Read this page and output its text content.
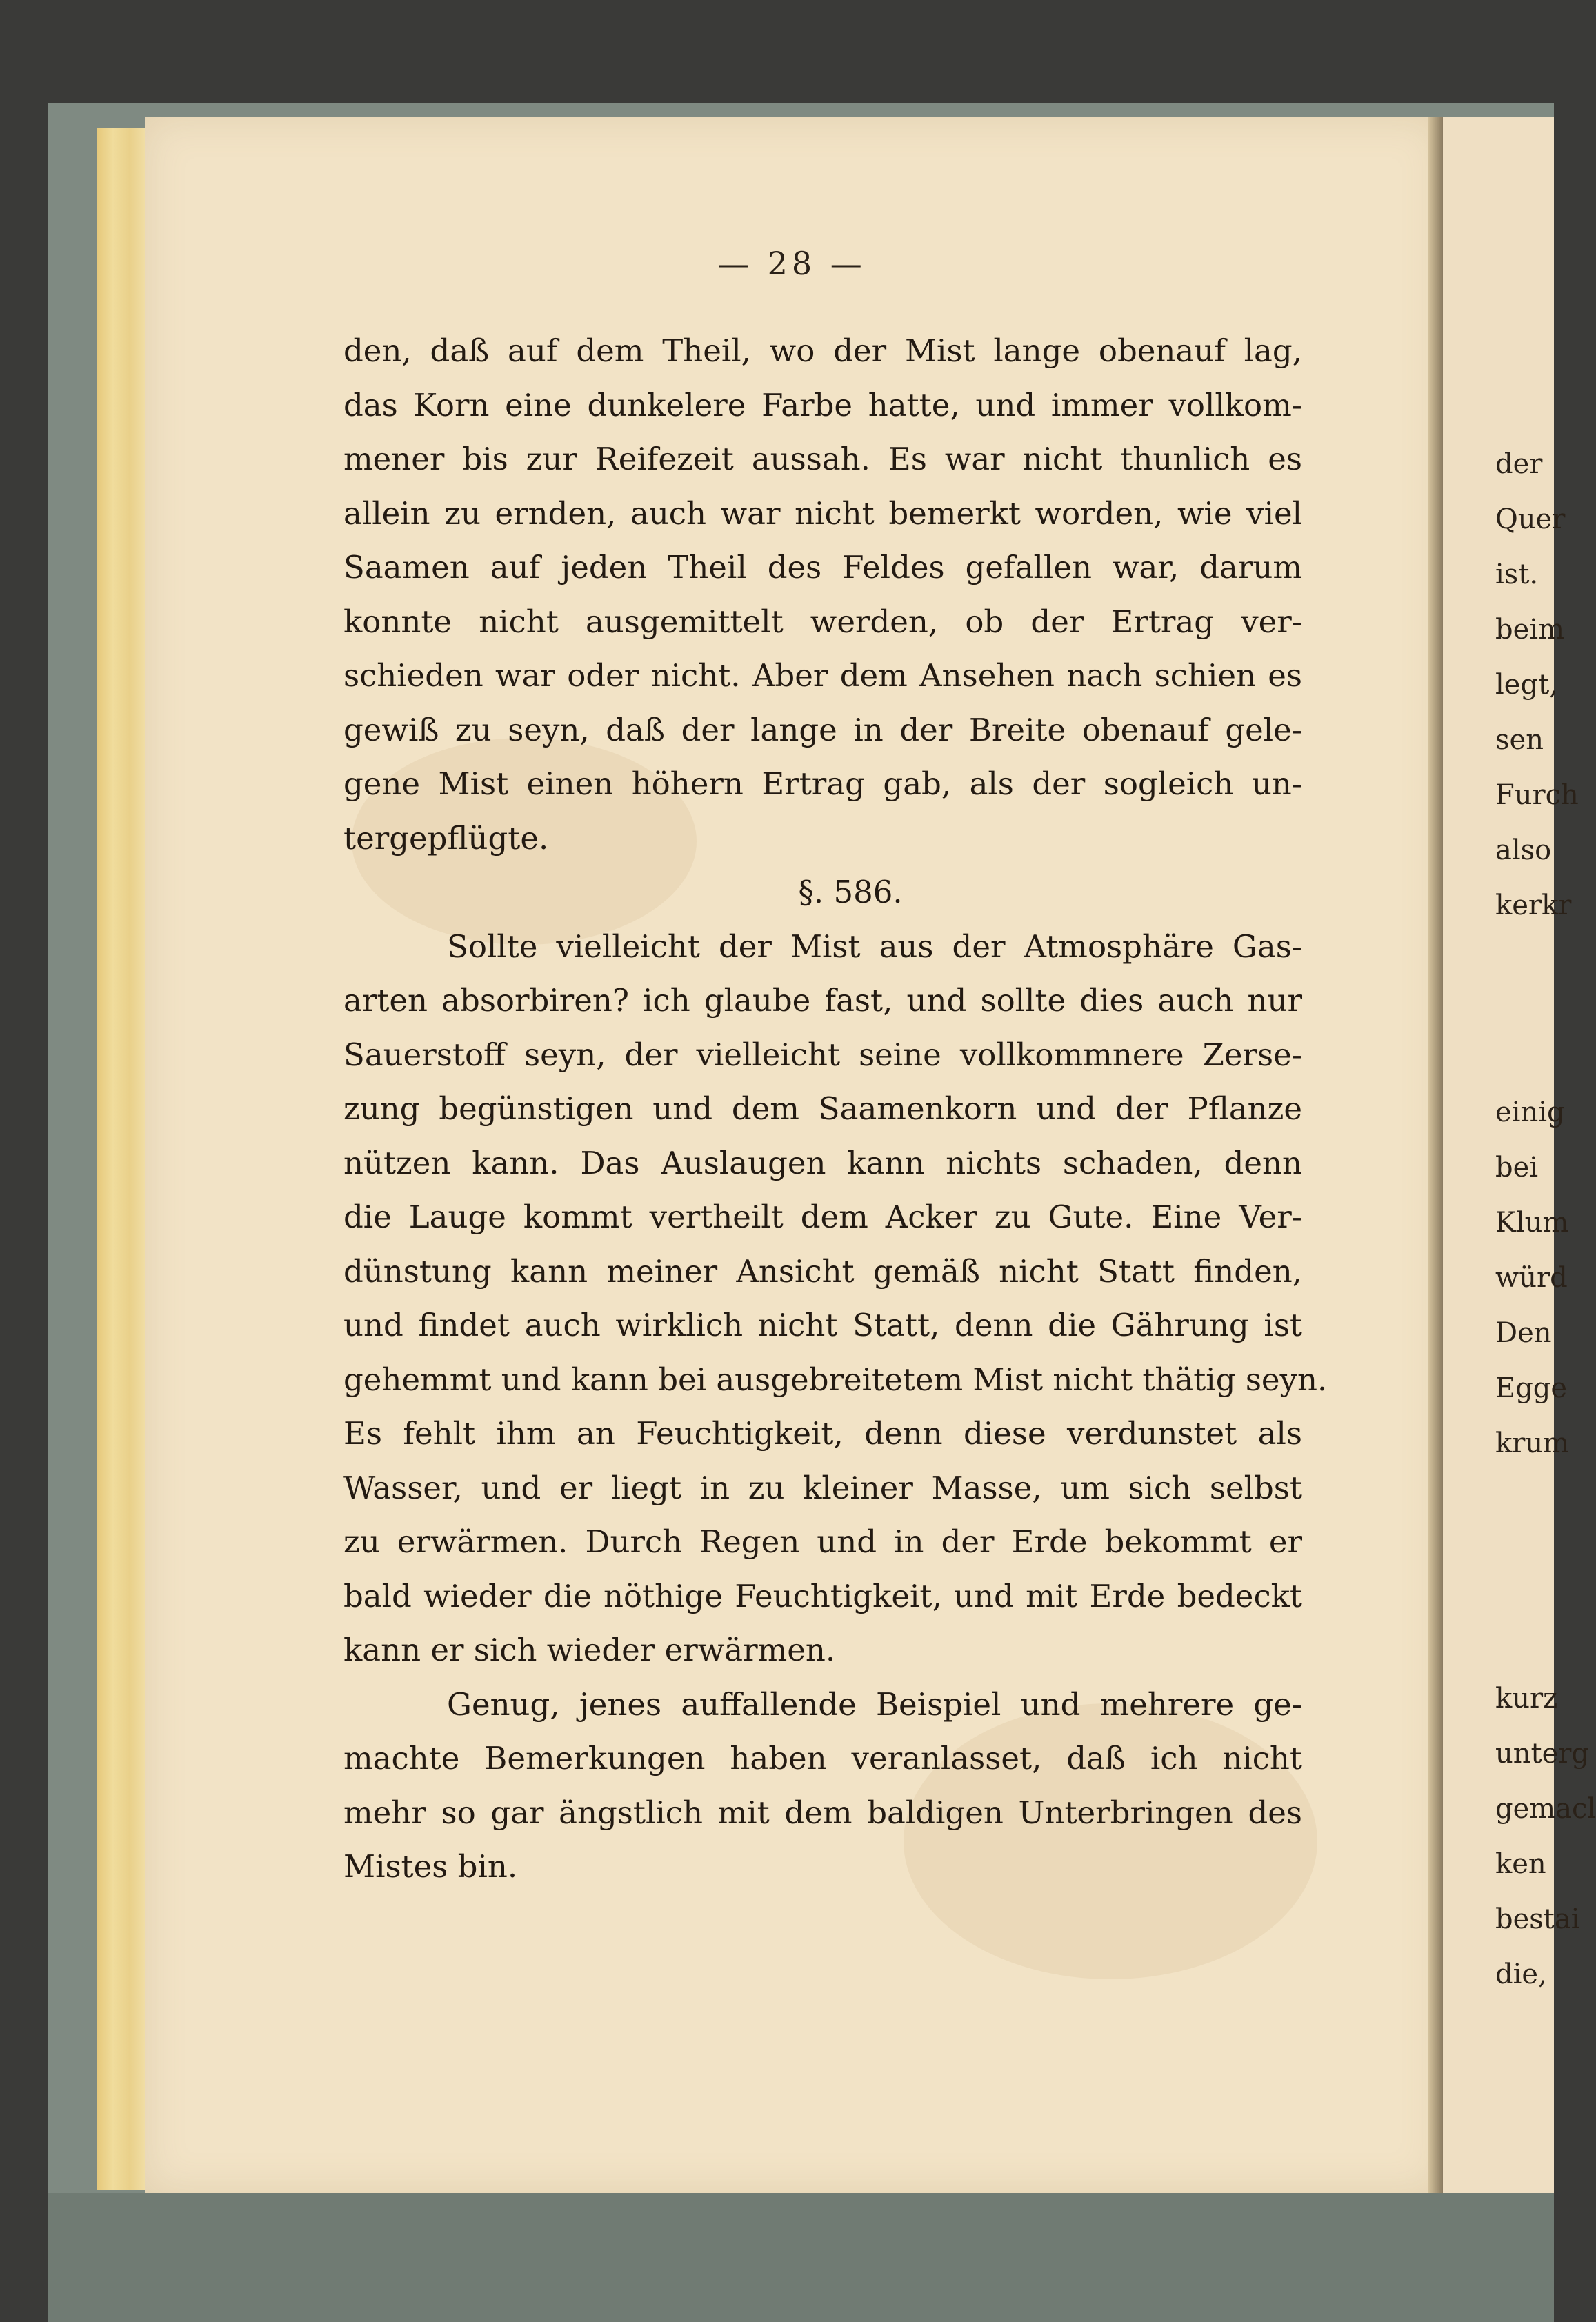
— 28 —
den, daß auf dem Theil, wo der Mist lange obenauf lag,
das Korn eine dunkelere Farbe hatte, und immer vollkom-
mener bis zur Reifezeit aussah. Es war nicht thunlich es
allein zu ernden, auch war nicht bemerkt worden, wie viel
Saamen auf jeden Theil des Feldes gefallen war, darum
konnte nicht ausgemittelt werden, ob der Ertrag ver-
schieden war oder nicht. Aber dem Ansehen nach schien es
gewiß zu seyn, daß der lange in der Breite obenauf gele-
gene Mist einen höhern Ertrag gab, als der sogleich un-
tergepflügte.
§. 586.
Sollte vielleicht der Mist aus der Atmosphäre Gas-
arten absorbiren? ich glaube fast, und sollte dies auch nur
Sauerstoff seyn, der vielleicht seine vollkommnere Zerse-
zung begünstigen und dem Saamenkorn und der Pflanze
nützen kann. Das Auslaugen kann nichts schaden, denn
die Lauge kommt vertheilt dem Acker zu Gute. Eine Ver-
dünstung kann meiner Ansicht gemäß nicht Statt finden,
und findet auch wirklich nicht Statt, denn die Gährung ist
gehemmt und kann bei ausgebreitetem Mist nicht thätig seyn.
Es fehlt ihm an Feuchtigkeit, denn diese verdunstet als
Wasser, und er liegt in zu kleiner Masse, um sich selbst
zu erwärmen. Durch Regen und in der Erde bekommt er
bald wieder die nöthige Feuchtigkeit, und mit Erde bedeckt
kann er sich wieder erwärmen.
Genug, jenes auffallende Beispiel und mehrere ge-
machte Bemerkungen haben veranlasset, daß ich nicht
mehr so gar ängstlich mit dem baldigen Unterbringen des
Mistes bin.
der
Quer
ist.
beim
legt,
sen
Furch
also
kerkr
einig
bei
Klum
würd
Den
Egge
krum
kurz
unterg
gemacl
ken
bestai
die,
